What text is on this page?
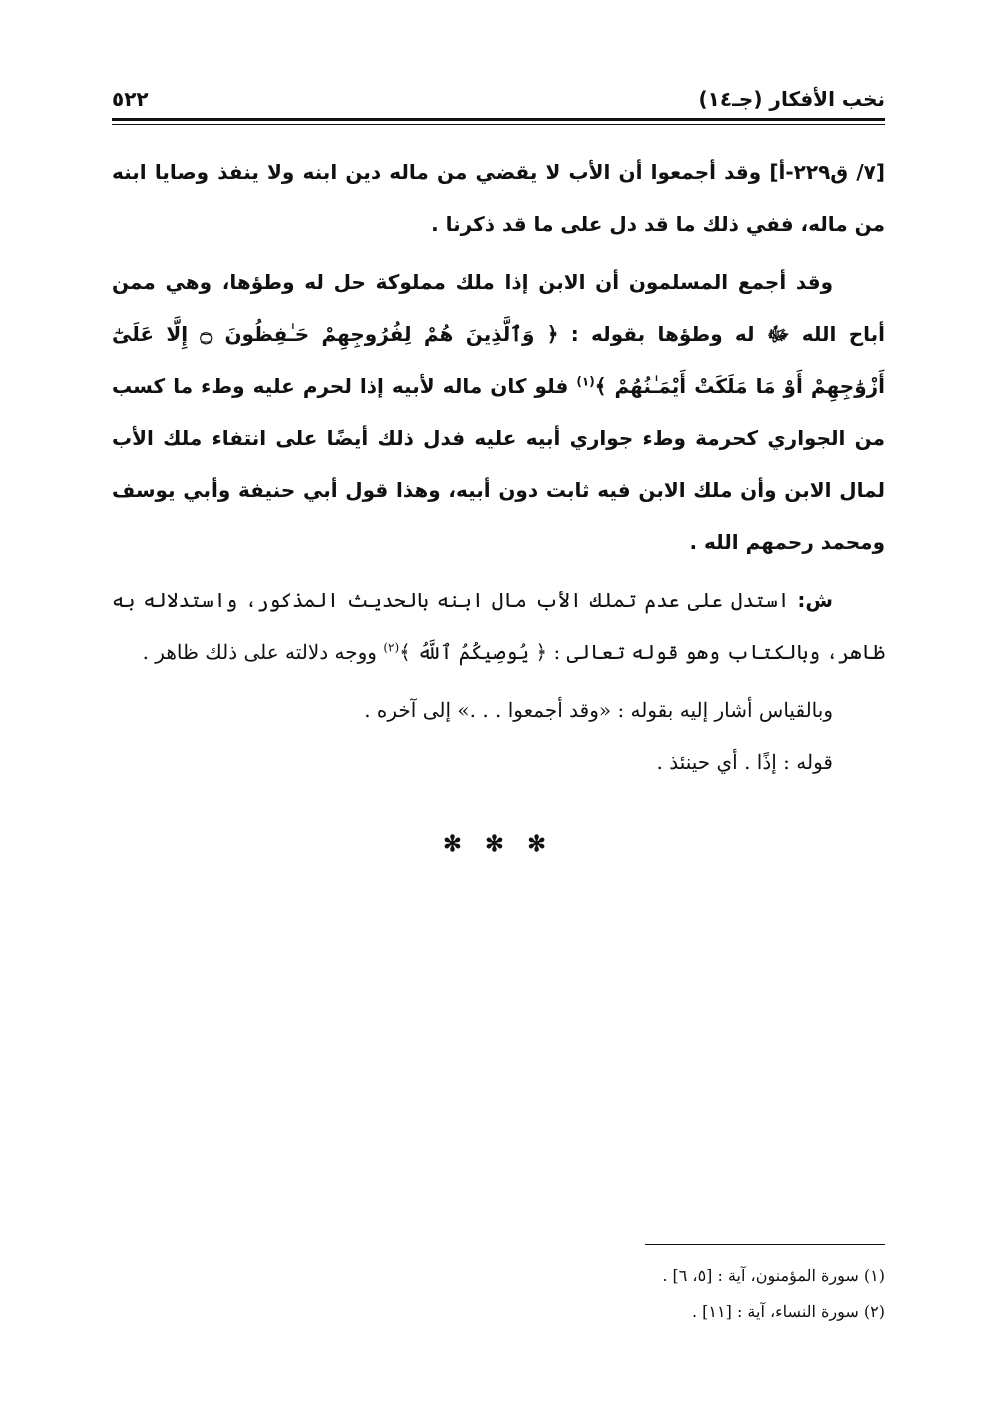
نخب الأفكار (جـ١٤)
٥٢٢

[٧/ ق٢٢٩-أ] وقد أجمعوا أن الأب لا يقضي من ماله دين ابنه ولا ينفذ وصايا ابنه من ماله، ففي ذلك ما قد دل على ما قد ذكرنا .

وقد أجمع المسلمون أن الابن إذا ملك مملوكة حل له وطؤها، وهي ممن أباح الله ﷻ له وطؤها بقوله : ﴿ وَٱلَّذِينَ هُمْ لِفُرُوجِهِمْ حَـٰفِظُونَ ۝ إِلَّا عَلَىٰٓ أَزْوَٰجِهِمْ أَوْ مَا مَلَكَتْ أَيْمَـٰنُهُمْ ﴾$^{(١)}$ فلو كان ماله لأبيه إذا لحرم عليه وطء ما كسب من الجواري كحرمة وطء جواري أبيه عليه فدل ذلك أيضًا على انتفاء ملك الأب لمال الابن وأن ملك الابن فيه ثابت دون أبيه، وهذا قول أبي حنيفة وأبي يوسف ومحمد رحمهم الله .

ش: استدل على عدم تملك الأب مال ابنه بالحديث المذكور، واستدلاله به ظاهر، وبالكتاب وهو قوله تعالى : ﴿ يُوصِيكُمُ ٱللَّهُ ﴾$^{(٢)}$ ووجه دلالته على ذلك ظاهر .

وبالقياس أشار إليه بقوله : «وقد أجمعوا . . .» إلى آخره .

قوله : إذًا . أي حينئذ .

✻ ✻ ✻
(١) سورة المؤمنون، آية : [٥، ٦] .
(٢) سورة النساء، آية : [١١] .
